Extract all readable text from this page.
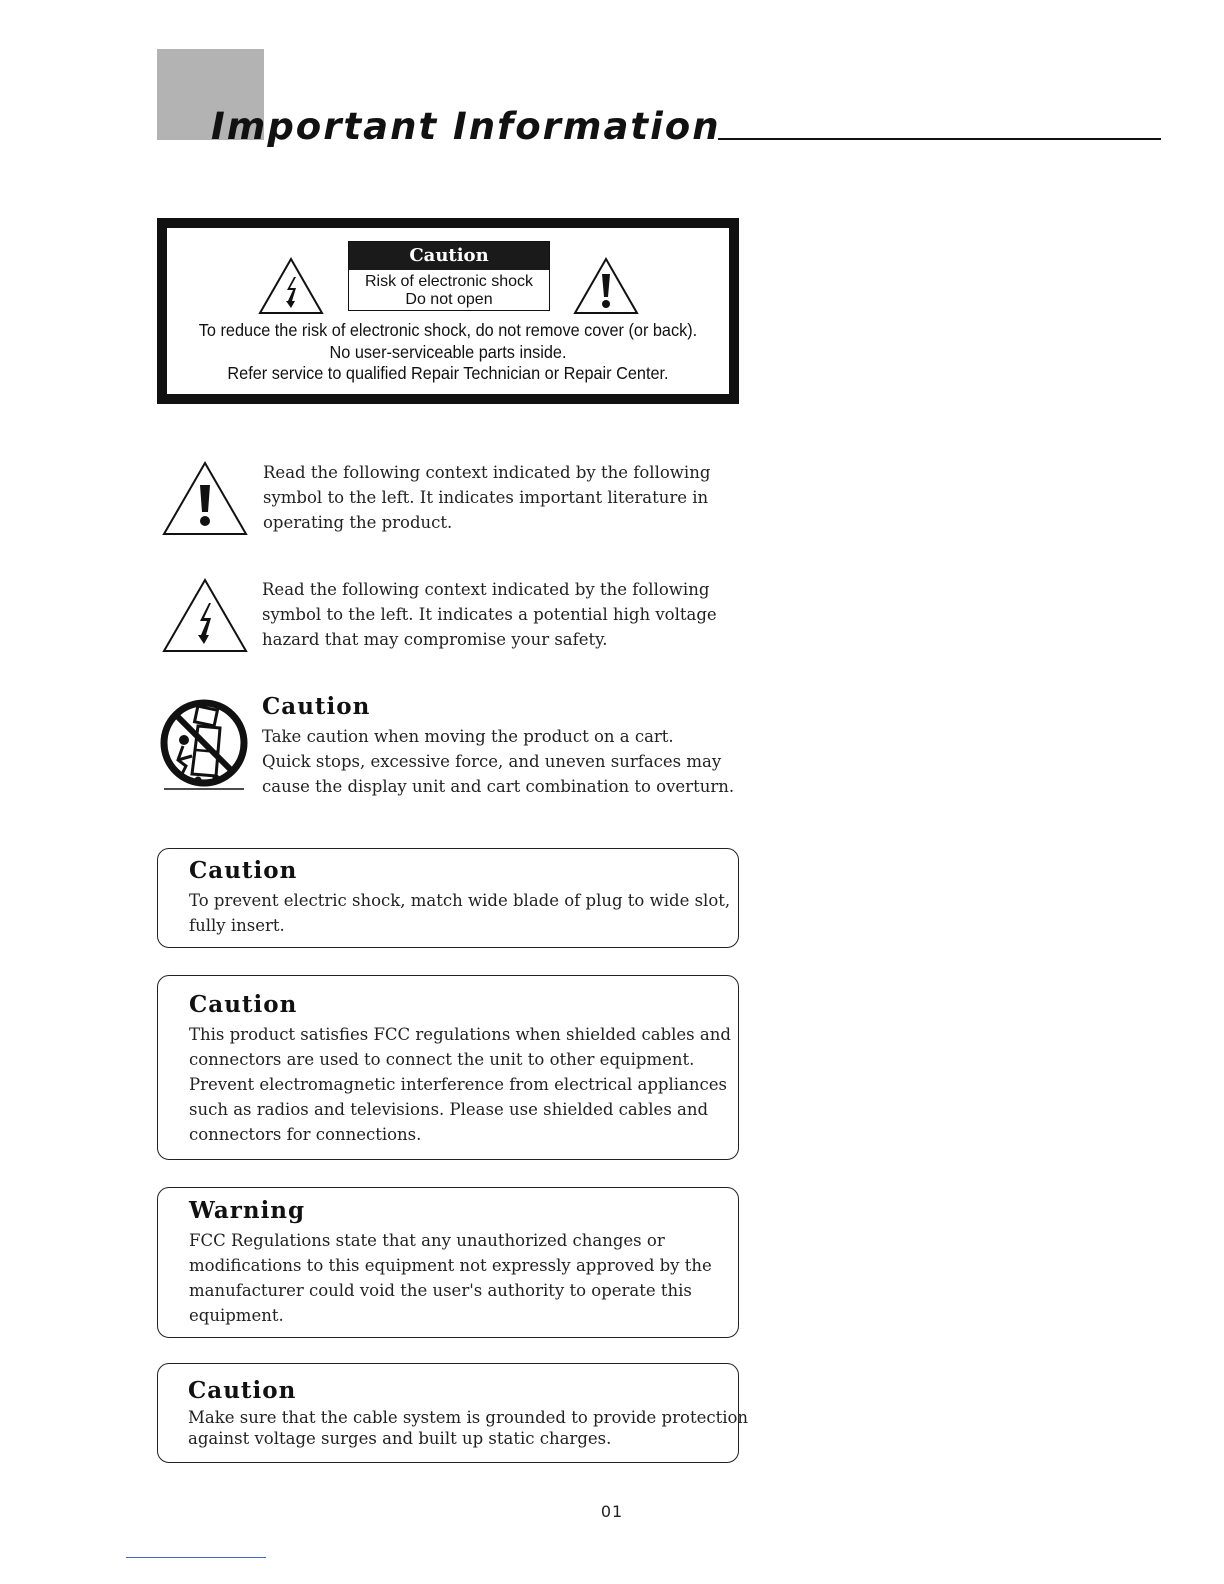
Important Information
Caution
Risk of electronic shock
Do not open
To reduce the risk of electronic shock, do not remove cover (or back).
No user-serviceable parts inside.
Refer service to qualified Repair Technician or Repair Center.

Read the following context indicated by the following

symbol to the left. It indicates important literature in

operating the product.

Read the following context indicated by the following

symbol to the left. It indicates a potential high voltage

hazard that may compromise your safety.

Caution

Take caution when moving the product on a cart.

Quick stops, excessive force, and uneven surfaces may

cause the display unit and cart combination to overturn.

Caution

To prevent electric shock, match wide blade of plug to wide slot,

fully insert.

Caution

This product satisfies FCC regulations when shielded cables and

connectors are used to connect the unit to other equipment.

Prevent electromagnetic interference from electrical appliances

such as radios and televisions. Please use shielded cables and

connectors for connections.

Warning

FCC Regulations state that any unauthorized changes or

modifications to this equipment not expressly approved by the

manufacturer could void the user's authority to operate this

equipment.

Caution

Make sure that the cable system is grounded to provide protection

against voltage surges and built up static charges.

01
